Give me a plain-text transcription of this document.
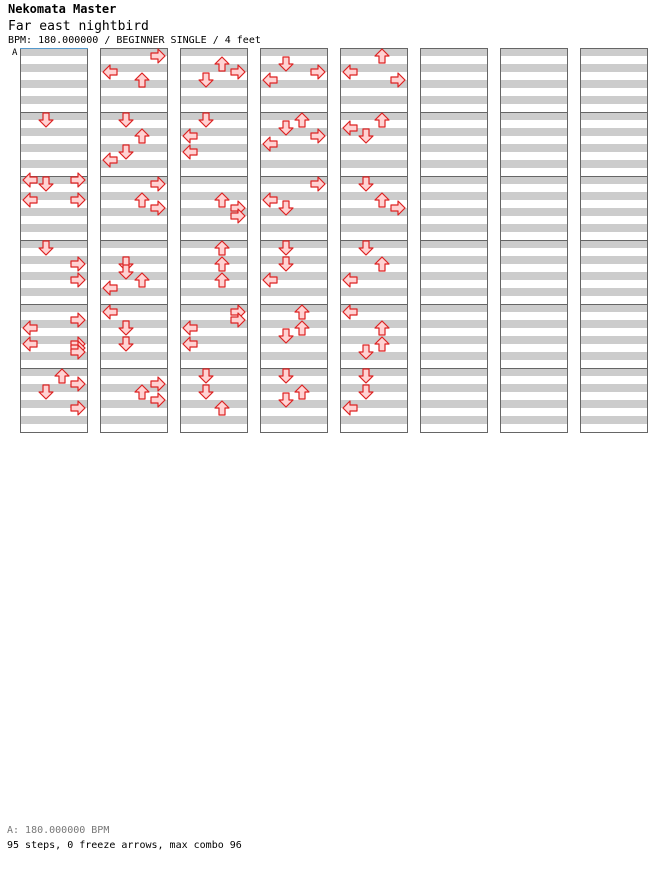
Nekomata Master
Far east nightbird
BPM: 180.000000 / BEGINNER SINGLE / 4 feet
A
A: 180.000000 BPM
95 steps, 0 freeze arrows, max combo 96
